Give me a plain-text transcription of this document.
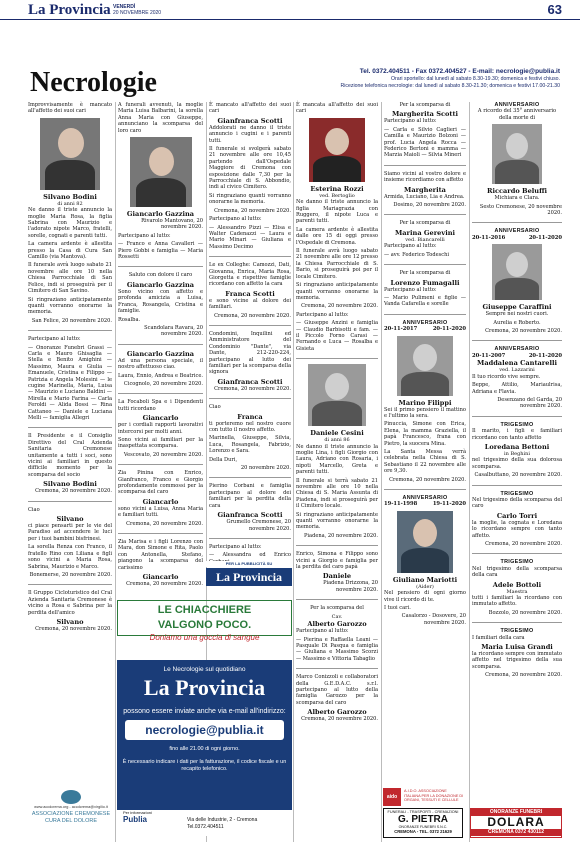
La Provincia VENERDÌ
20 NOVEMBRE 2020	63
Necrologie	Tel. 0372.404511 - Fax 0372.404527 - E-mail: necrologie@publia.it
Orari sportello: dal lunedì al sabato 8.30-19.30; domenica e festivi chiuso.
Ricezione telefonica necrologie: dal lunedì al sabato 8.30-21.30; domenica e festivi 17.00-21.30

Improvvisamente è mancato all'affetto dei suoi cari

Silvano Bodini
di anni 82

Ne danno il triste annuncio la moglie Maria Rosa, la figlia Sabrina con Maurizio e l'adorato nipote Marco, fratelli, sorelle, cognati e parenti tutti.

La camera ardente è allestita presso la Casa di Cura San Camillo (via Mantova).

Il funerale avrà luogo sabato 21 novembre alle ore 10 nella Chiesa Parrocchiale di San Felice, indi si proseguirà per il Cimitero di San Savino.

Si ringraziano anticipatamente quanti vorranno onorarne la memoria.

San Felice, 20 novembre 2020.

Partecipano al lutto:

— Onoranze Funebri Grassi — Carla e Mauro Ghisaglia — Stella e Benito Amighini — Massimo, Maura e Giulia — Emanuele, Cristina e Filippo — Patrizia e Angela Molesini — le cugine Marinella, Maria, Luisa — Maurizio e Luciano Baldini — Mirella e Mario Farina — Carla Feroldi — Alida Bossi — Rina Cattaneo — Daniele e Luciana Melli — famiglia Allegri

Il Presidente e il Consiglio Direttivo del Cral Azienda Sanitaria Cremonese unitamente a tutti i soci, sono vicini ai familiari in questo difficile momento per la scomparsa del socio

Silvano Bodini

Cremona, 20 novembre 2020.

Ciao

Silvano

ci piace pensarti per le vie del Paradiso ad accendere le luci per i tuoi bambini bisfrinesi.

La sorella Renza con Franco, il fratello Rino con Liliana e figli sono vicini a Maria Rosa, Sabrina, Maurizio e Marco.

Bonemerse, 20 novembre 2020.

Il Gruppo Cicloturistico del Cral Azienda Sanitaria Cremonese è vicino a Rosa e Sabrina per la perdita dell'amico

Silvano

Cremona, 20 novembre 2020.

A funerali avvenuti, la moglie Maria Luisa Balbarini, la sorella Anna Maria con Giuseppe, annunciano la scomparsa del loro caro

Giancarlo Gazzina

Rivarolo Mantovano, 20 novembre 2020.

Partecipano al lutto:

— Franco e Anna Cavalleri — Piero Gobbi e famiglia — Maria Rossetti

Saluto con dolore il caro

Giancarlo Gazzina

Sono vicino con affetto e profonda amicizia a Luisa, Franca, Rosangela, Cristina e famiglie.

Rosalba.

Scandolara Ravara, 20 novembre 2020.

Giancarlo Gazzina

Ad una persona speciale, il nostro affettuoso ciao.

Laura, Ennio, Andrea e Beatrice.

Cicognolo, 20 novembre 2020.

La Focaboli Spa e i Dipendenti tutti ricordano

Giancarlo

per i cordiali rapporti lavorativi intercorsi per molti anni.

Sono vicini ai familiari per la inaspettata scomparsa.

Vescovato, 20 novembre 2020.

Zia Pinina con Enrico, Gianfranco, Franco e Giorgio profondamente commossi per la scomparsa del caro

Giancarlo

sono vicini a Luisa, Anna Maria e familiari tutti.

Cremona, 20 novembre 2020.

Zia Marisa e i figli Lorenzo con Mara, don Simone e Rita, Paolo con Antonella, Stefano, piangono la scomparsa del carissimo

Giancarlo

Cremona, 20 novembre 2020.

È mancato all'affetto dei suoi cari

Gianfranca Scotti

Addolorati ne danno il triste annuncio i cugini e i parenti tutti.

Il funerale si svolgerà sabato 21 novembre alle ore 10,45 partendo dall'Ospedale Maggiore di Cremona con esposizione dalle 7,30 per la Parrocchiale di S. Abbondio, indi al civico Cimitero.

Si ringraziano quanti vorranno onorarne la memoria.

Cremona, 20 novembre 2020.

Partecipano al lutto:

— Alessandro Pizzi — Elisa e Walter Cadenazzi — Laura e Mario Minari — Giuliana e Massimo Decimo

Le ex Colleghe: Camozzi, Dati, Giovanna, Enrica, Maria Rosa, Giorgetta e rispettive famiglie ricordano con affetto la cara

Franca Scotti

e sono vicine al dolore dei familiari.

Cremona, 20 novembre 2020.

Condomini, Inquilini ed Amministratore del Condominio "Dante", via Dante, 212-220-224, partecipano al lutto dei familiari per la scomparsa della signora

Gianfranca Scotti

Cremona, 20 novembre 2020.

Ciao

Franca

ti porteremo nel nostro cuore con tutto il nostro affetto.

Marinella, Giuseppe, Silvia, Luca, Rosangela, Fabrizio, Lorenzo e Sara.

Della Duri,

20 novembre 2020.

Pierino Corbani e famiglia partecipano al dolore dei familiari per la perdita della cara

Gianfranca Scotti

Grumello Cremonese, 20 novembre 2020.

Partecipano al lutto:

— Alessandra ed Enrico

È mancata all'affetto dei suoi cari

Esterina Rozzi
ved. Bertoglio

Ne danno il triste annuncio la figlia Mariagrazia con Ruggero, il nipote Luca e parenti tutti.

La camera ardente è allestita dalle ore 15 di oggi presso l'Ospedale di Cremona.

Il funerale avrà luogo sabato 21 novembre alle ore 12 presso la Chiesa Parrocchiale di S. Bario, si proseguirà poi per il locale Cimitero.

Si ringraziano anticipatamente quanti vorranno onorarne la memoria.

Cremona, 20 novembre 2020.

Partecipano al lutto:

— Giuseppe Anzini e famiglia — Claudio Barbisotti e fam. — il Piccolo Forno Carasi — Fernando e Luca — Rosalba e Gisieta

Daniele Cesini
di anni 86

Ne danno il triste annuncio la moglie Lina, i figli Giorgio con Laura, Adriano con Rosaria, i nipoti Marcello, Greta e parenti tutti.

Il funerale si terrà sabato 21 novembre alle ore 10 nella Chiesa di S. Maria Assunta di Piadena, indi si proseguirà per il Cimitero locale.

Si ringraziano anticipatamente quanti vorranno onorarne la memoria.

Piadena, 20 novembre 2020.

Enrico, Simona e Filippo sono vicini a Giorgio e famiglia per la perdita del caro papà

Daniele

Piadena Drizzona, 20 novembre 2020.

Per la scomparsa del

Cav.
Alberto Garozzo

Partecipano al lutto:

— Pierina e Raffaella Leani — Pasquale Di Pasqua e famiglia — Giuliana e Massimo Scorzi — Massimo e Vittoria Tabaglio

Marco Conizzoli e collaboratori della G.E.D.A.C. s.r.l. partecipano al lutto della famiglia Garozzo per la scomparsa del caro

Alberto Garozzo

Cremona, 20 novembre 2020.

Per la scomparsa di

Margherita Scotti

Partecipano al lutto:

— Carla e Silvio Caglieri — Camilla e Maurizio Bolzoni — prof. Lucia Angela Rocca — Federico Bertoni e mamma — Marzia Maioli — Silvia Mineri

Siamo vicini al vostro dolore e insieme ricordiamo con affetto

Margherita

Armida, Luciano, Lia e Andrea.

Dosimo, 20 novembre 2020.

Per la scomparsa di

Marina Gerevini
ved. Biancarelli

Partecipano al lutto:

— avv. Federico Todeschi

Per la scomparsa di

Lorenzo Fumagalli

Partecipano al lutto:

— Mario Pulimeni e figlie — Vanda Cafarella e sorelle

ANNIVERSARIO
20-11-2017	20-11-2020
Marino Filippi

Sei il primo pensiero il mattino e l'ultimo la sera.

Pinuccia, Simone con Erica, Elena, la mamma Graziella, il papà Francesco, frana con Pietro, la suocera Mina.

La Santa Messa verrà celebrata nella Chiesa di S. Sebastiano il 22 novembre alle ore 9,30.

Cremona, 20 novembre 2020.

ANNIVERSARIO
19-11-1998	19-11-2020
Giuliano Mariotti
(Aider)

Nel pensiero di ogni giorno vive il ricordo di te.

I tuoi cari.

Casalorzo - Dosovere, 20 novembre 2020.

ANNIVERSARIO

A ricordo del 35° anniversario della morte di

Riccardo Beluffi

Michiara e Clara.

Sesto Cremonese, 20 novembre 2020.

ANNIVERSARIO
20-11-2016	20-11-2020
Giuseppe Caraffini

Sempre nei nostri cuori.

Aurelia e Roberto.

Cremona, 20 novembre 2020.

ANNIVERSARIO
20-11-2007	20-11-2020
Maddalena Cantarelli
ved. Lazzarini

Il tuo ricordo vive sempre.

Beppe, Attilio, Mariaulrisa, Adriana e Flavia.

Desenzano del Garda, 20 novembre 2020.

TRIGESIMO

Il marito, i figli e familiari ricordano con tanto affetto

Loredana Bettoni
in Beghini

nel trigesimo della sua dolorosa scomparsa.

Casalbuttano, 20 novembre 2020.

TRIGESIMO

Nel trigesimo della scomparsa del caro

Carlo Torri

la moglie, la cognata e Loredana lo ricordano sempre con tanto affetto.

Cremona, 20 novembre 2020.

TRIGESIMO

Nel trigesimo della scomparsa della cara

Adele Bottoli
Maestra

tutti i familiari la ricordano con immutato affetto.

Bozzolo, 20 novembre 2020.

TRIGESIMO

I familiari della cara

Maria Luisa Grandi

la ricordano sempre con immutato affetto nel trigesimo della sua scomparsa.

Cremona, 20 novembre 2020.

PER LA PUBBLICITÀ SU
La Provincia
LE CHIACCHIERE
VALGONO POCO.
Doniamo una goccia di sangue
Le Necrologie sul quotidiano
La Provincia
possono essere inviate anche via e-mail all'indirizzo:
necrologie@publia.it
fino alle 21.00 di ogni giorno.
È necessario indicare i dati per la fatturazione, il codice fiscale e un recapito telefonico.
Per informazioni
Publia	Via delle Industrie, 2 - Cremona
Tel.0372.404511
www.accdcrema.org - accdcrema@virgilio.it
ASSOCIAZIONE CREMONESE CURA DEL DOLORE
aido
A.I.D.O. ASSOCIAZIONE ITALIANA PER LA DONAZIONE DI ORGANI, TESSUTI E CELLULE
FUNERALI - TRASPORTI - CREMAZIONI
G. PIETRA
ONORANZE FUNEBRI S.N.C.
CREMONA - TEL. 0372 21629
ONORANZE FUNEBRI
DOLARA
CREMONA 0372 430112
